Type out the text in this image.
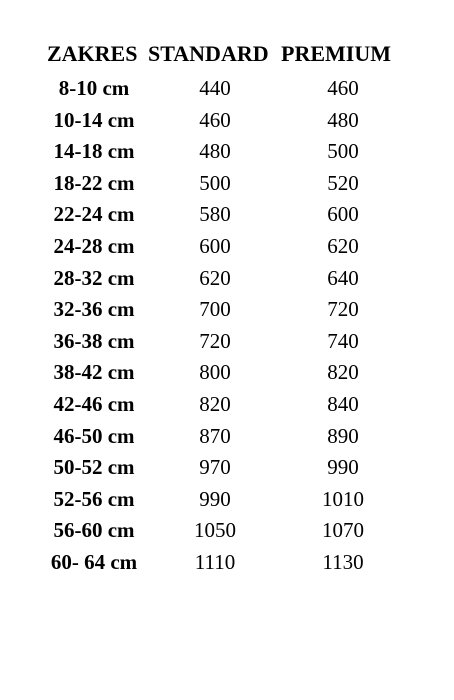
ZAKRES STANDARD PREMIUM
8-10 cm	440	460
10-14 cm	460	480
14-18 cm	480	500
18-22 cm	500	520
22-24 cm	580	600
24-28 cm	600	620
28-32 cm	620	640
32-36 cm	700	720
36-38 cm	720	740
38-42 cm	800	820
42-46 cm	820	840
46-50 cm	870	890
50-52 cm	970	990
52-56 cm	990	1010
56-60 cm	1050	1070
60- 64 cm	1110	1130
